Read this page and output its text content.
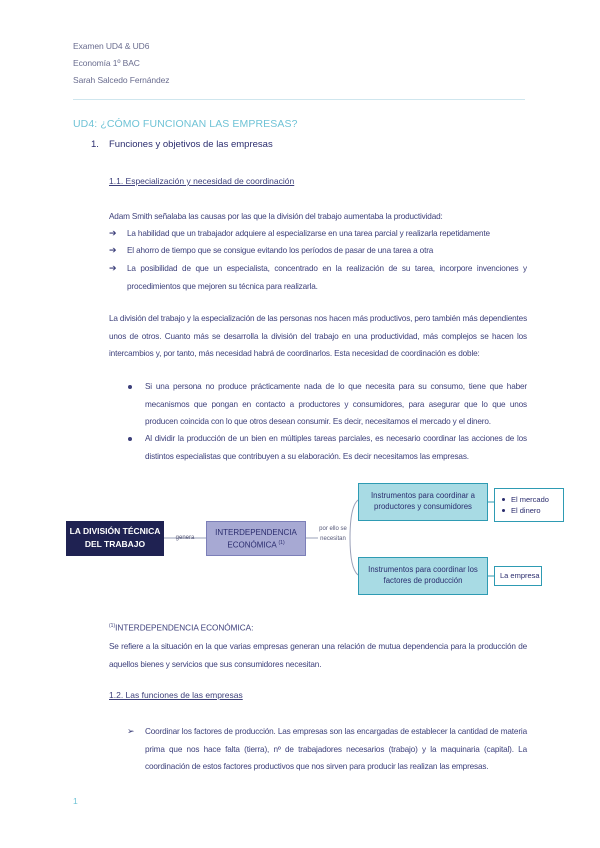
Examen UD4 & UD6
Economía 1º BAC
Sarah Salcedo Fernández
UD4: ¿CÓMO FUNCIONAN LAS EMPRESAS?
1. Funciones y objetivos de las empresas
1.1. Especialización y necesidad de coordinación
Adam Smith señalaba las causas por las que la división del trabajo aumentaba la productividad:
➔ La habilidad que un trabajador adquiere al especializarse en una tarea parcial y realizarla repetidamente
➔ El ahorro de tiempo que se consigue evitando los períodos de pasar de una tarea a otra
➔ La posibilidad de que un especialista, concentrado en la realización de su tarea, incorpore invenciones y procedimientos que mejoren su técnica para realizarla.
La división del trabajo y la especialización de las personas nos hacen más productivos, pero también más dependientes unos de otros. Cuanto más se desarrolla la división del trabajo en una productividad, más complejos se hacen los intercambios y, por tanto, más necesidad habrá de coordinarlos. Esta necesidad de coordinación es doble:
Si una persona no produce prácticamente nada de lo que necesita para su consumo, tiene que haber mecanismos que pongan en contacto a productores y consumidores, para asegurar que lo que unos producen coincida con lo que otros desean consumir. Es decir, necesitamos el mercado y el dinero.
Al dividir la producción de un bien en múltiples tareas parciales, es necesario coordinar las acciones de los distintos especialistas que contribuyen a su elaboración. Es decir necesitamos las empresas.
LA DIVISIÓN TÉCNICA DEL TRABAJO
genera
INTERDEPENDENCIA ECONÓMICA $^{(1)}$
por ello se necesitan
Instrumentos para coordinar a productores y consumidores
El mercado
El dinero
Instrumentos para coordinar los factores de producción
La empresa
$^{(1)}$INTERDEPENDENCIA ECONÓMICA:
Se refiere a la situación en la que varias empresas generan una relación de mutua dependencia para la producción de aquellos bienes y servicios que sus consumidores necesitan.
1.2. Las funciones de las empresas
➢ Coordinar los factores de producción. Las empresas son las encargadas de establecer la cantidad de materia prima que nos hace falta (tierra), nº de trabajadores necesarios (trabajo) y la maquinaria (capital). La coordinación de estos factores productivos que nos sirven para producir las realizan las empresas.
1
